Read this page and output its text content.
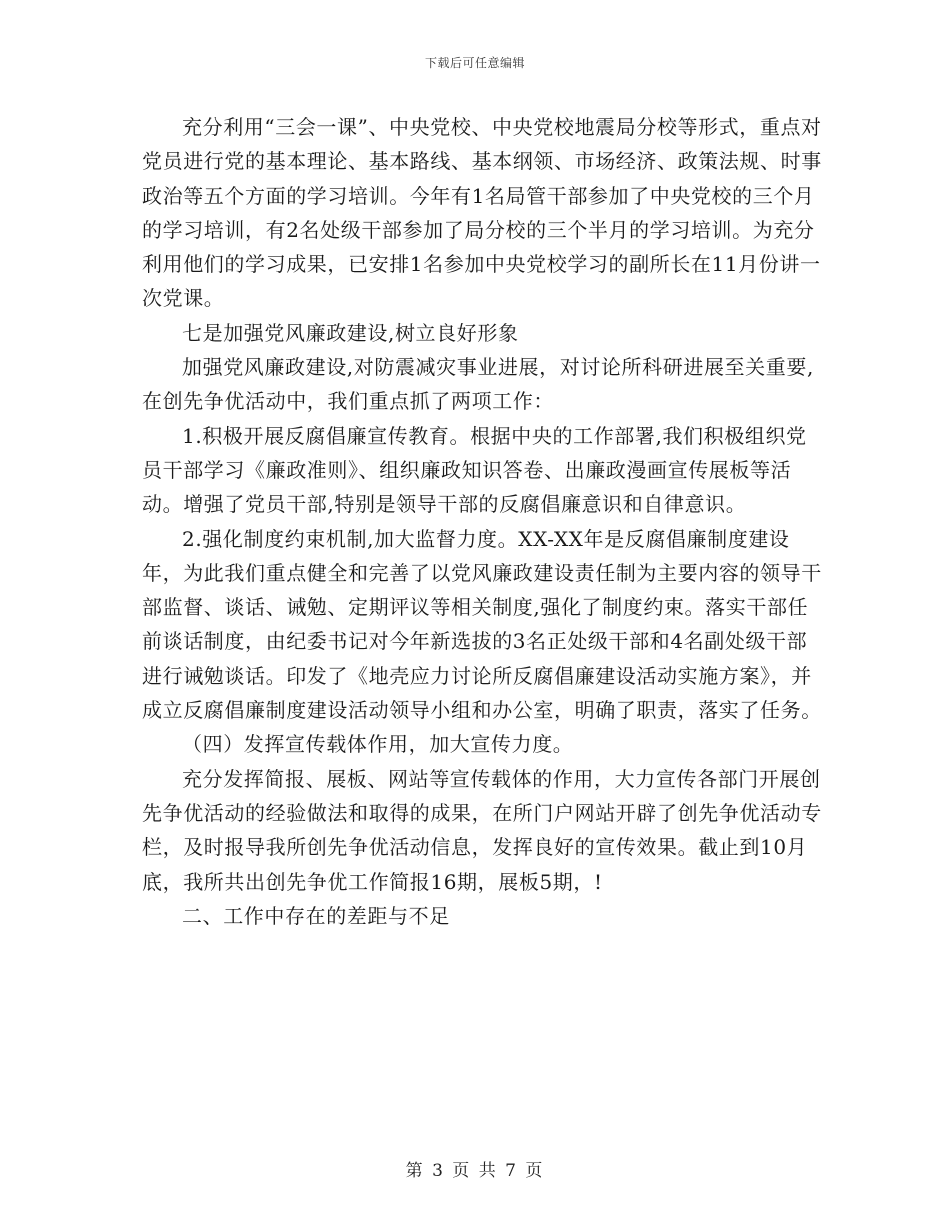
下载后可任意编辑

充分利用“三会一课”、中央党校、中央党校地震局分校等形式，重点对党员进行党的基本理论、基本路线、基本纲领、市场经济、政策法规、时事政治等五个方面的学习培训。今年有1名局管干部参加了中央党校的三个月的学习培训，有2名处级干部参加了局分校的三个半月的学习培训。为充分利用他们的学习成果，已安排1名参加中央党校学习的副所长在11月份讲一次党课。

七是加强党风廉政建设,树立良好形象

加强党风廉政建设,对防震减灾事业进展，对讨论所科研进展至关重要,在创先争优活动中，我们重点抓了两项工作：

1.积极开展反腐倡廉宣传教育。根据中央的工作部署,我们积极组织党员干部学习《廉政准则》、组织廉政知识答卷、出廉政漫画宣传展板等活动。增强了党员干部,特别是领导干部的反腐倡廉意识和自律意识。

2.强化制度约束机制,加大监督力度。XX-XX年是反腐倡廉制度建设年，为此我们重点健全和完善了以党风廉政建设责任制为主要内容的领导干部监督、谈话、诫勉、定期评议等相关制度,强化了制度约束。落实干部任前谈话制度，由纪委书记对今年新选拔的3名正处级干部和4名副处级干部进行诫勉谈话。印发了《地壳应力讨论所反腐倡廉建设活动实施方案》，并成立反腐倡廉制度建设活动领导小组和办公室，明确了职责，落实了任务。

（四）发挥宣传载体作用，加大宣传力度。

充分发挥简报、展板、网站等宣传载体的作用，大力宣传各部门开展创先争优活动的经验做法和取得的成果，在所门户网站开辟了创先争优活动专栏，及时报导我所创先争优活动信息，发挥良好的宣传效果。截止到10月底，我所共出创先争优工作简报16期，展板5期，!

二、工作中存在的差距与不足

第 3 页 共 7 页
